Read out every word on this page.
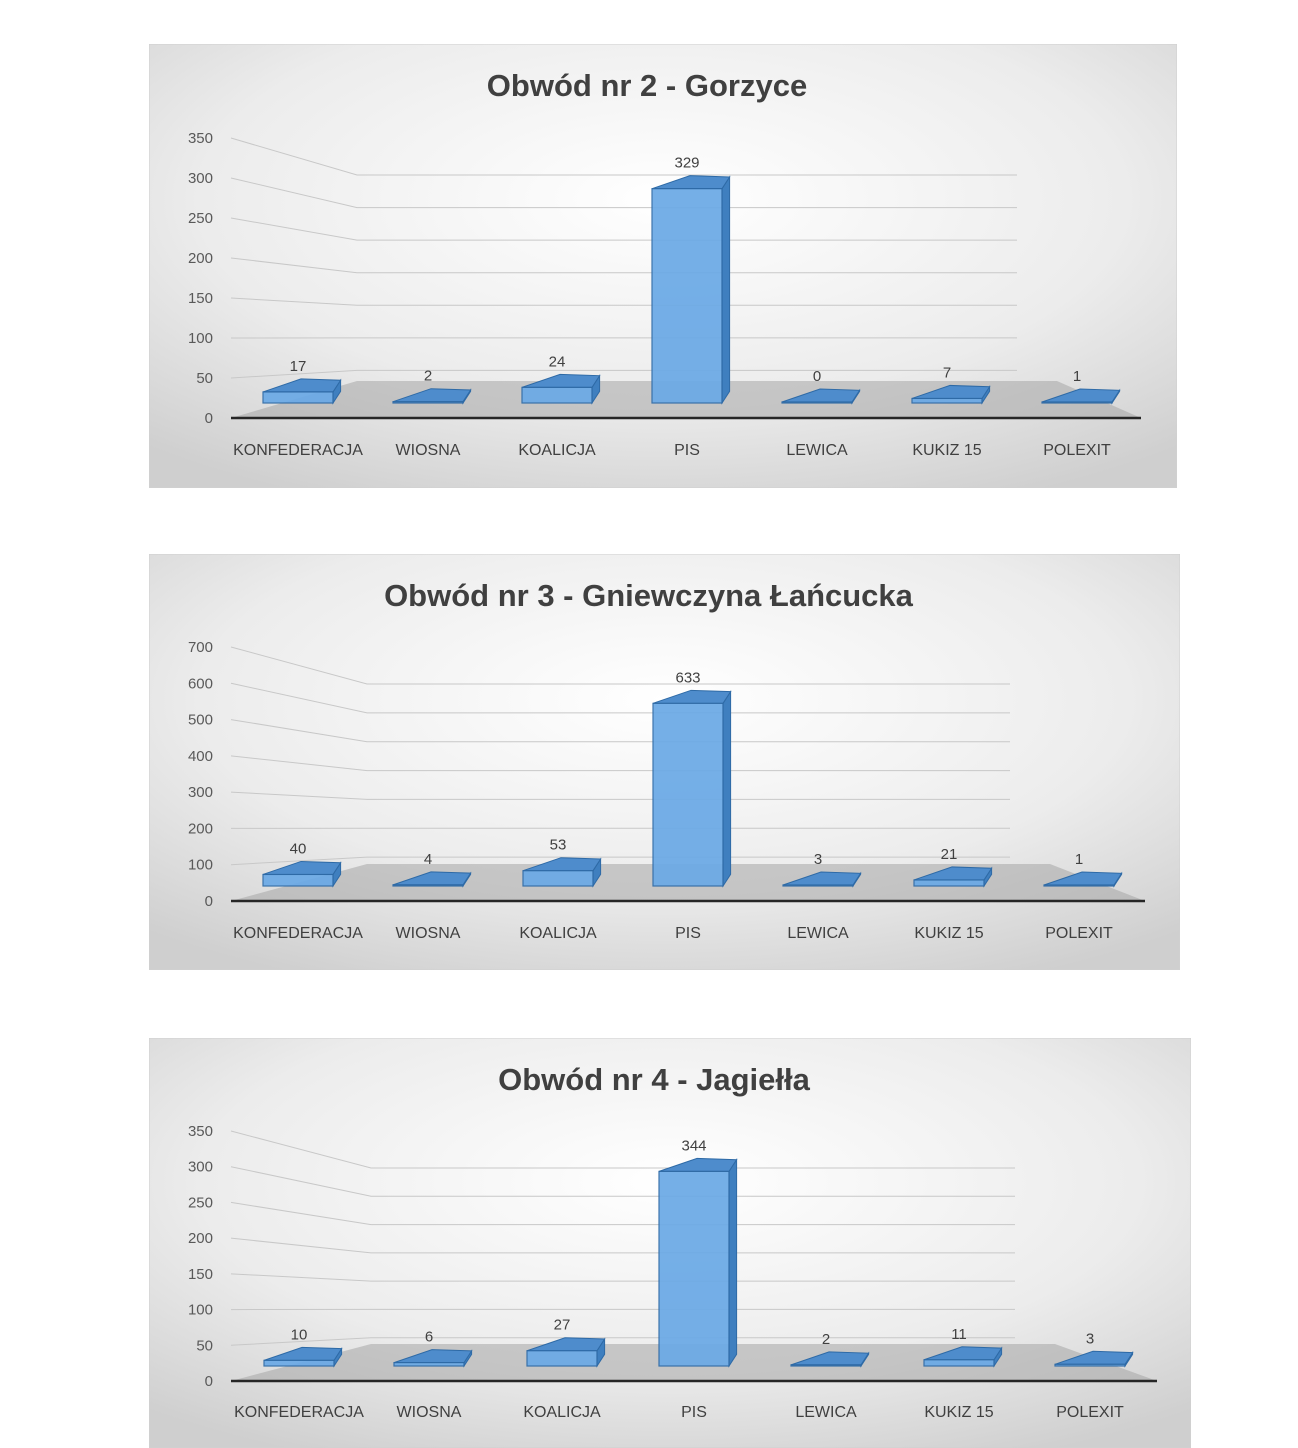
Obwód nr 2 - Gorzyce
0
50
100
150
200
250
300
350
17
KONFEDERACJA
2
WIOSNA
24
KOALICJA
329
PIS
0
LEWICA
7
KUKIZ 15
1
POLEXIT
Obwód nr 3 - Gniewczyna Łańcucka
0
100
200
300
400
500
600
700
40
KONFEDERACJA
4
WIOSNA
53
KOALICJA
633
PIS
3
LEWICA
21
KUKIZ 15
1
POLEXIT
Obwód nr 4 - Jagiełła
0
50
100
150
200
250
300
350
10
KONFEDERACJA
6
WIOSNA
27
KOALICJA
344
PIS
2
LEWICA
11
KUKIZ 15
3
POLEXIT
